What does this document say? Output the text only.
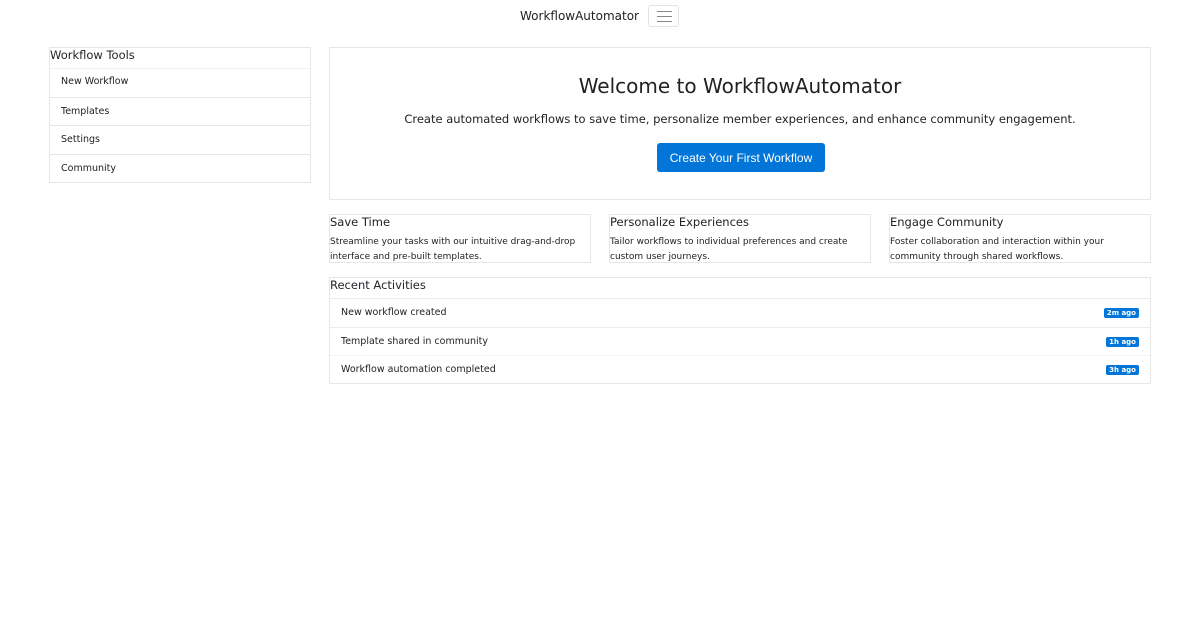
WorkflowAutomator
Workflow Tools
New Workflow
Templates
Settings
Community
Welcome to WorkflowAutomator

Create automated workflows to save time, personalize member experiences, and enhance community engagement.

Create Your First Workflow
Save Time

Streamline your tasks with our intuitive drag-and-drop interface and pre-built templates.

Personalize Experiences

Tailor workflows to individual preferences and create custom user journeys.

Engage Community

Foster collaboration and interaction within your community through shared workflows.

Recent Activities
New workflow created	2m ago
Template shared in community	1h ago
Workflow automation completed	3h ago
